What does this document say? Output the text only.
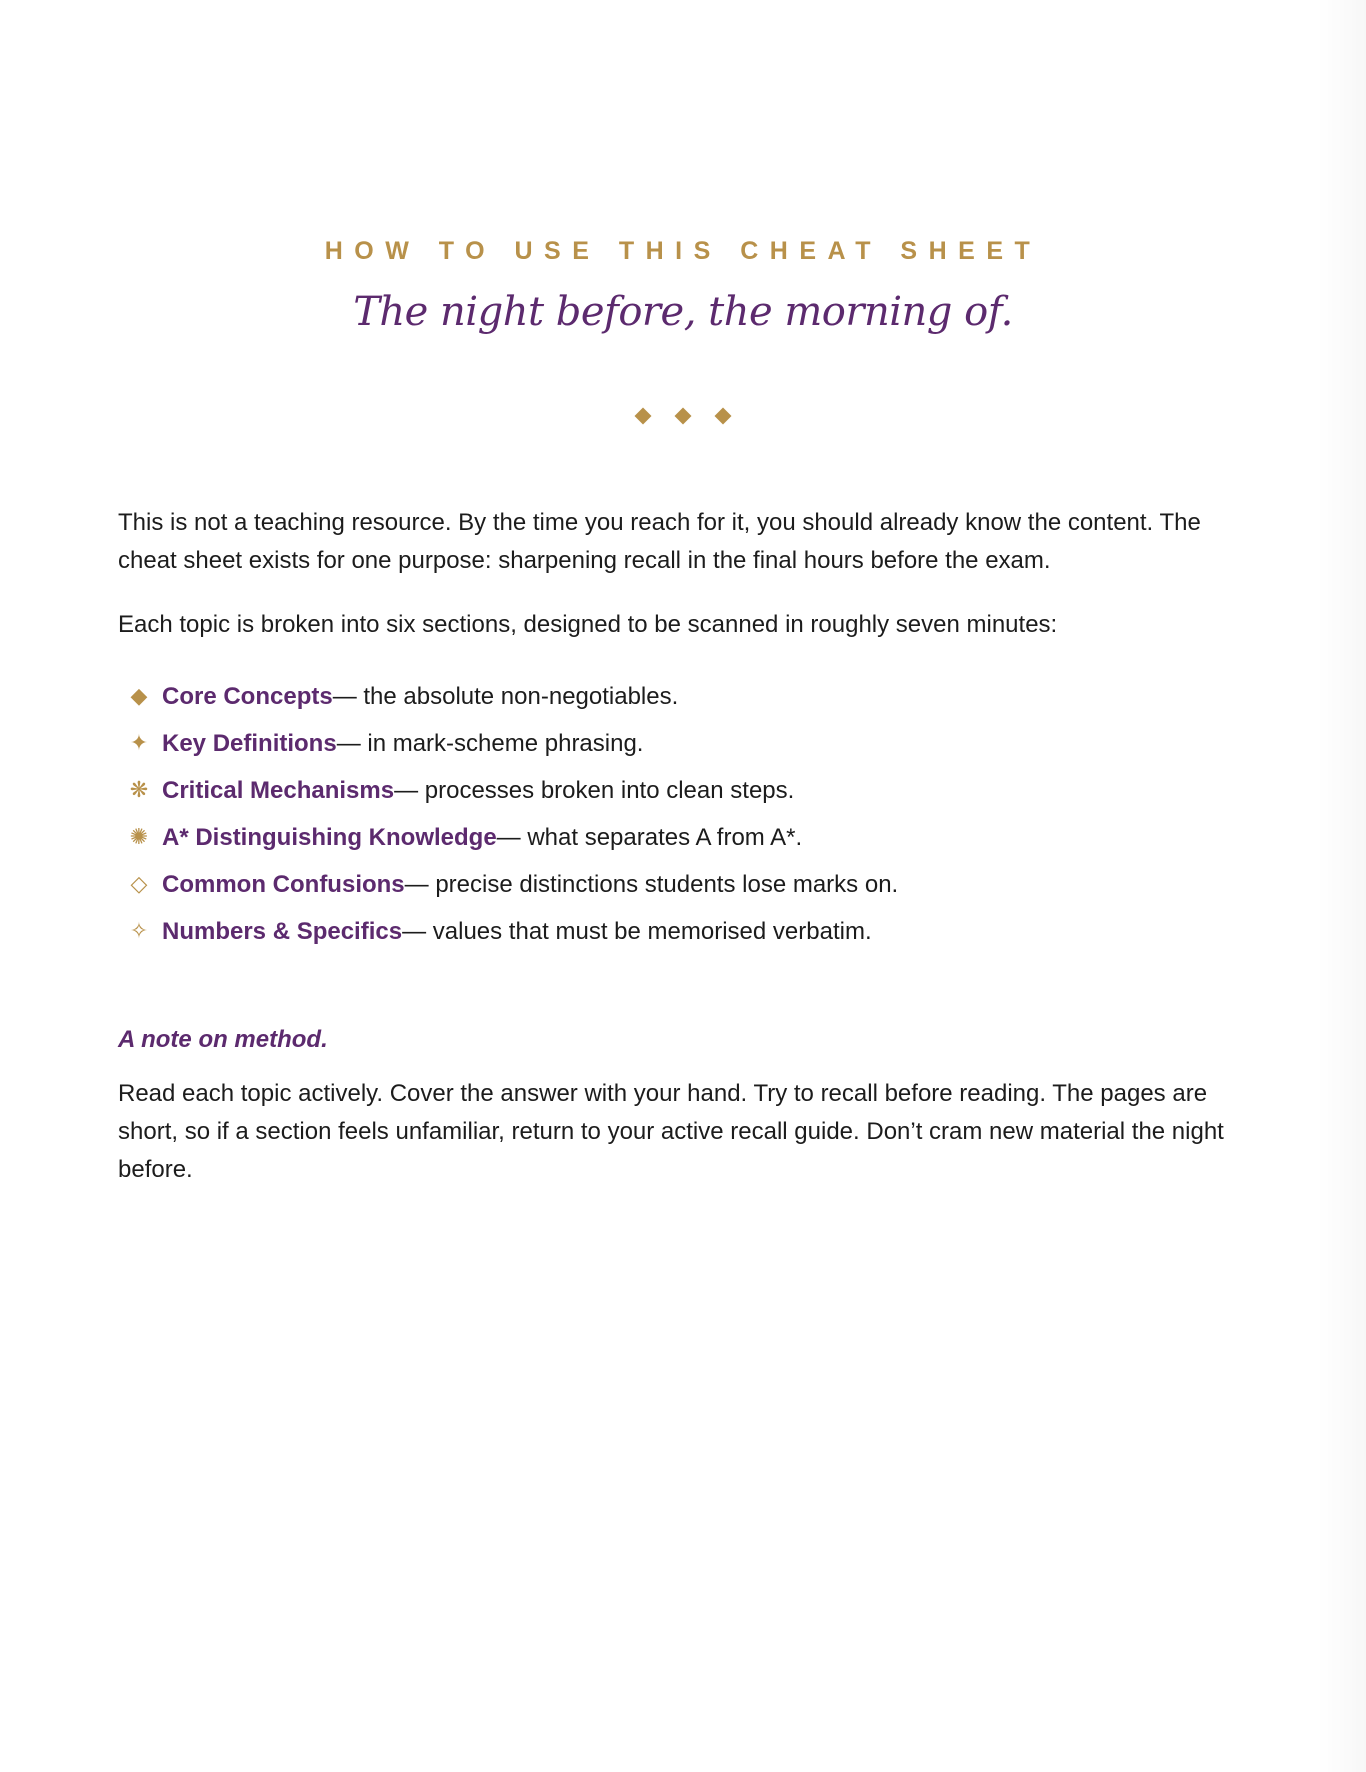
HOW TO USE THIS CHEAT SHEET
The night before, the morning of.

This is not a teaching resource. By the time you reach for it, you should already know the content. The cheat sheet exists for one purpose: sharpening recall in the final hours before the exam.

Each topic is broken into six sections, designed to be scanned in roughly seven minutes:

◆ Core Concepts — the absolute non-negotiables.
✦ Key Definitions — in mark-scheme phrasing.
❋ Critical Mechanisms — processes broken into clean steps.
✺ A* Distinguishing Knowledge — what separates A from A*.
◇ Common Confusions — precise distinctions students lose marks on.
✧ Numbers & Specifics — values that must be memorised verbatim.

A note on method.

Read each topic actively. Cover the answer with your hand. Try to recall before reading. The pages are short, so if a section feels unfamiliar, return to your active recall guide. Don’t cram new material the night before.
